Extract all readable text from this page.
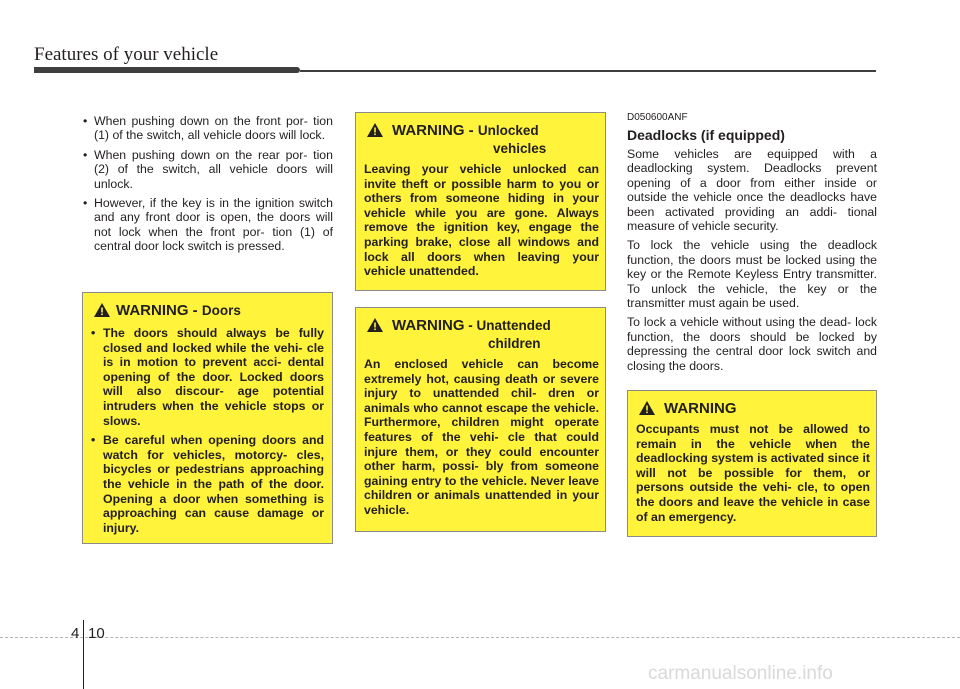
Features of your vehicle
• When pushing down on the front por- tion (1) of the switch, all vehicle doors will lock.
• When pushing down on the rear por- tion (2) of the switch, all vehicle doors will unlock.
• However, if the key is in the ignition switch and any front door is open, the doors will not lock when the front por- tion (1) of central door lock switch is pressed.
WARNING - Doors
• The doors should always be fully closed and locked while the vehi- cle is in motion to prevent acci- dental opening of the door. Locked doors will also discour- age potential intruders when the vehicle stops or slows.
• Be careful when opening doors and watch for vehicles, motorcy- cles, bicycles or pedestrians approaching the vehicle in the path of the door. Opening a door when something is approaching can cause damage or injury.
WARNING - Unlocked
vehicles
Leaving your vehicle unlocked can invite theft or possible harm to you or others from someone hiding in your vehicle while you are gone. Always remove the ignition key, engage the parking brake, close all windows and lock all doors when leaving your vehicle unattended.
WARNING - Unattended
children
An enclosed vehicle can become extremely hot, causing death or severe injury to unattended chil- dren or animals who cannot escape the vehicle. Furthermore, children might operate features of the vehi- cle that could injure them, or they could encounter other harm, possi- bly from someone gaining entry to the vehicle. Never leave children or animals unattended in your vehicle.
D050600ANF
Deadlocks (if equipped)

Some vehicles are equipped with a deadlocking system. Deadlocks prevent opening of a door from either inside or outside the vehicle once the deadlocks have been activated providing an addi- tional measure of vehicle security.

To lock the vehicle using the deadlock function, the doors must be locked using the key or the Remote Keyless Entry transmitter. To unlock the vehicle, the key or the transmitter must again be used.

To lock a vehicle without using the dead- lock function, the doors should be locked by depressing the central door lock switch and closing the doors.

WARNING
Occupants must not be allowed to remain in the vehicle when the deadlocking system is activated since it will not be possible for them, or persons outside the vehi- cle, to open the doors and leave the vehicle in case of an emergency.
4 10
carmanualsonline.info
